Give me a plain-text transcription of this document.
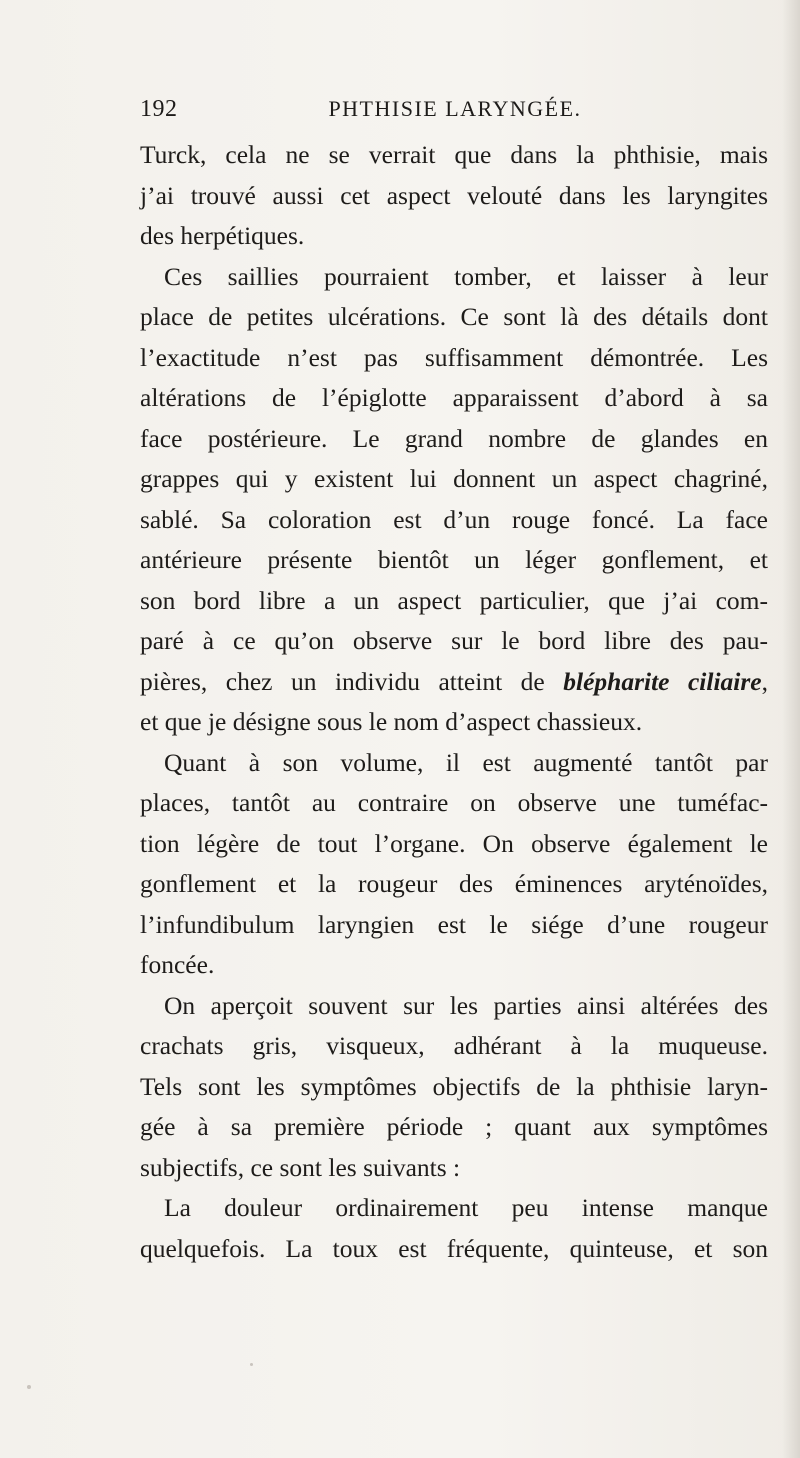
192	PHTHISIE LARYNGÉE.
Turck, cela ne se verrait que dans la phthisie, mais
j’ai trouvé aussi cet aspect velouté dans les laryngites
des herpétiques.
Ces saillies pourraient tomber, et laisser à leur
place de petites ulcérations. Ce sont là des détails dont
l’exactitude n’est pas suffisamment démontrée. Les
altérations de l’épiglotte apparaissent d’abord à sa
face postérieure. Le grand nombre de glandes en
grappes qui y existent lui donnent un aspect chagriné,
sablé. Sa coloration est d’un rouge foncé. La face
antérieure présente bientôt un léger gonflement, et
son bord libre a un aspect particulier, que j’ai com-
paré à ce qu’on observe sur le bord libre des pau-
pières, chez un individu atteint de blépharite ciliaire,
et que je désigne sous le nom d’aspect chassieux.
Quant à son volume, il est augmenté tantôt par
places, tantôt au contraire on observe une tuméfac-
tion légère de tout l’organe. On observe également le
gonflement et la rougeur des éminences aryténoïdes,
l’infundibulum laryngien est le siége d’une rougeur
foncée.
On aperçoit souvent sur les parties ainsi altérées des
crachats gris, visqueux, adhérant à la muqueuse.
Tels sont les symptômes objectifs de la phthisie laryn-
gée à sa première période ; quant aux symptômes
subjectifs, ce sont les suivants :
La douleur ordinairement peu intense manque
quelquefois. La toux est fréquente, quinteuse, et son
